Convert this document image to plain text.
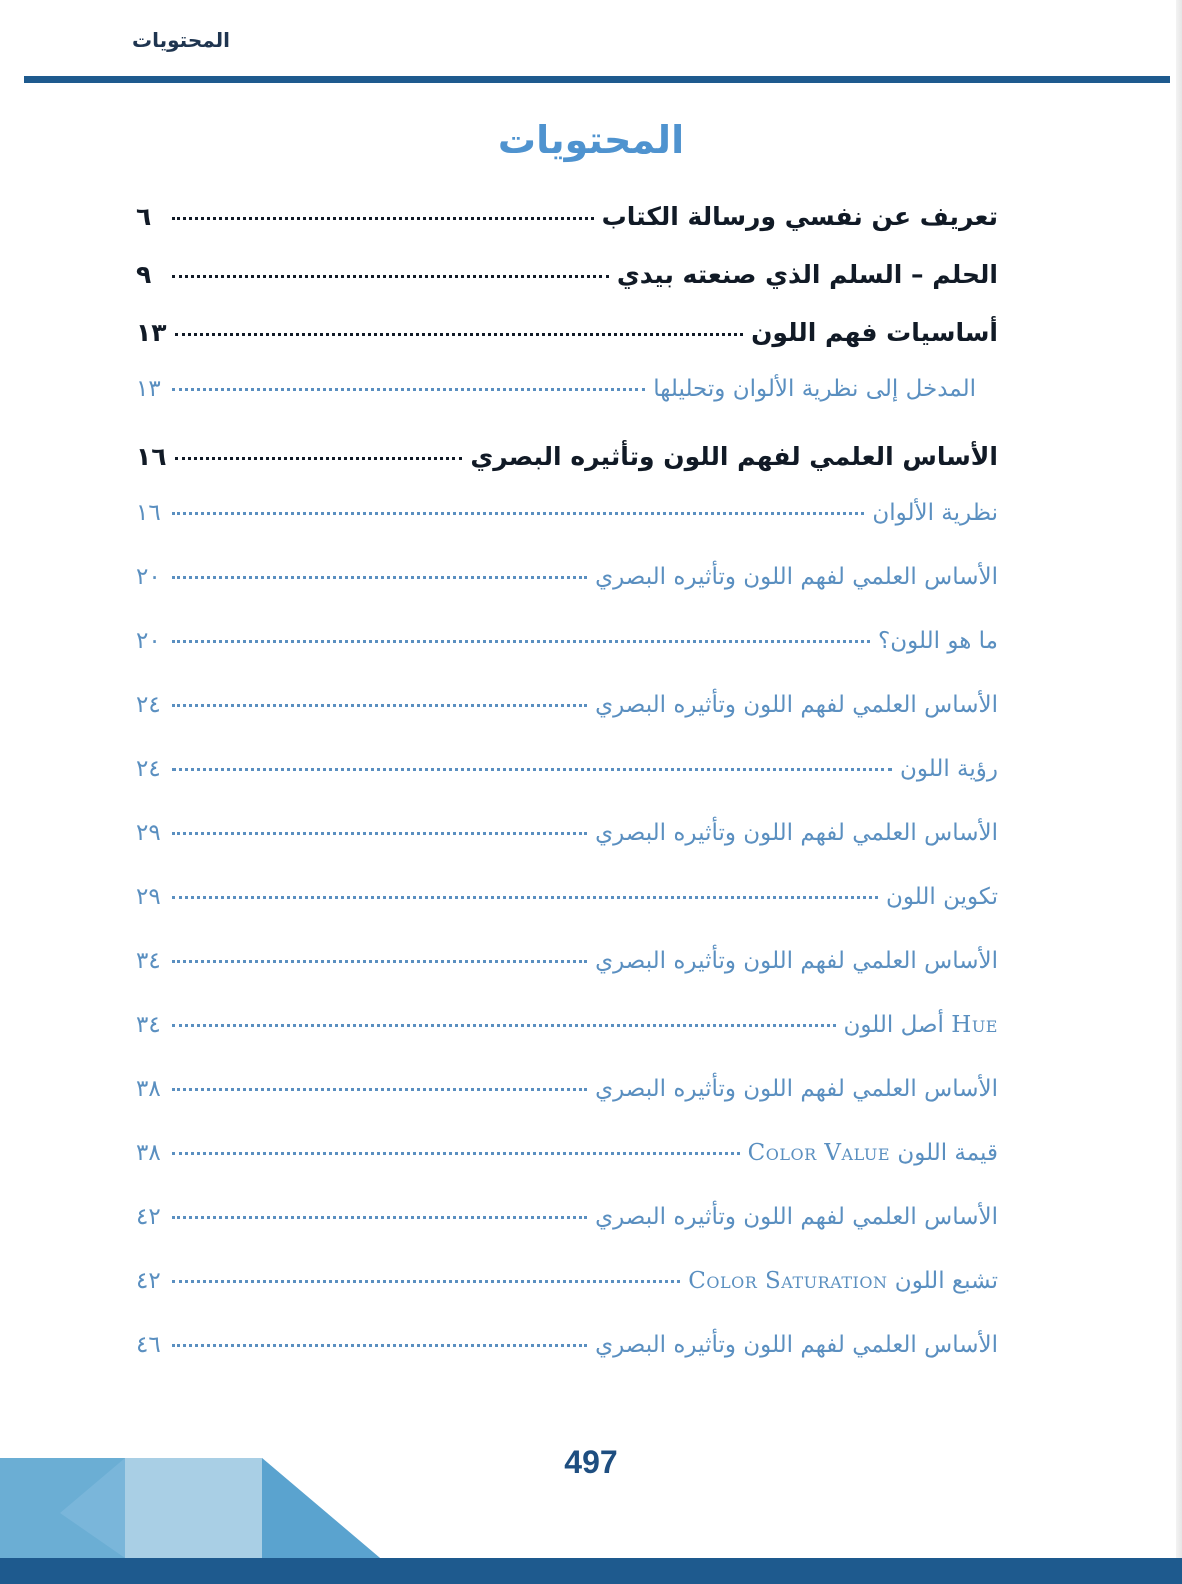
المحتويات
المحتويات
تعريف عن نفسي ورسالة الكتاب
٦
الحلم – السلم الذي صنعته بيدي
٩
أساسيات فهم اللون
١٣
المدخل إلى نظرية الألوان وتحليلها
١٣
الأساس العلمي لفهم اللون وتأثيره البصري
١٦
نظرية الألوان
١٦
الأساس العلمي لفهم اللون وتأثيره البصري
٢٠
ما هو اللون؟
٢٠
الأساس العلمي لفهم اللون وتأثيره البصري
٢٤
رؤية اللون
٢٤
الأساس العلمي لفهم اللون وتأثيره البصري
٢٩
تكوين اللون
٢٩
الأساس العلمي لفهم اللون وتأثيره البصري
٣٤
Hue أصل اللون
٣٤
الأساس العلمي لفهم اللون وتأثيره البصري
٣٨
قيمة اللون Color Value
٣٨
الأساس العلمي لفهم اللون وتأثيره البصري
٤٢
تشبع اللون Color Saturation
٤٢
الأساس العلمي لفهم اللون وتأثيره البصري
٤٦
497
